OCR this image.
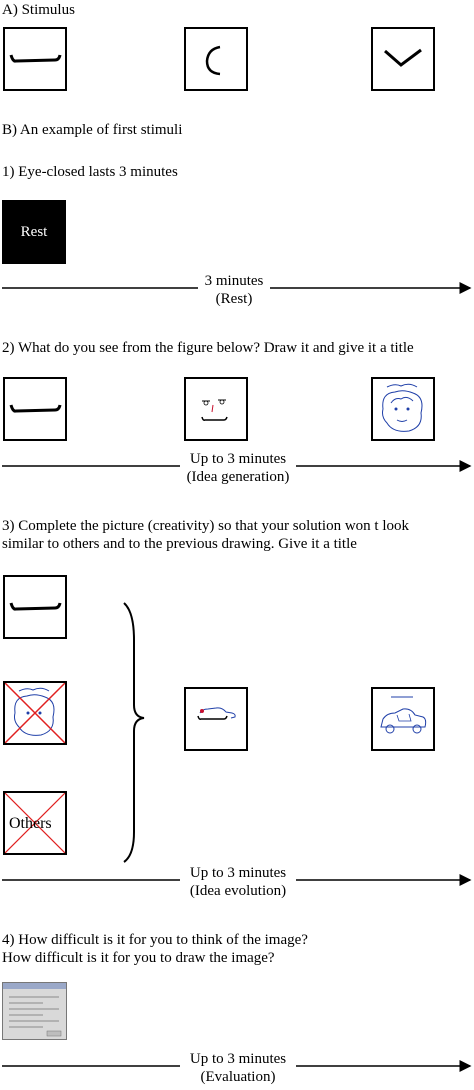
A) Stimulus
B) An example of first stimuli
1) Eye-closed lasts 3 minutes
Rest
3 minutes
(Rest)
2) What do you see from the figure below? Draw it and give it a title
Up to 3 minutes
(Idea generation)
3) Complete the picture (creativity) so that your solution won t look
similar to others and to the previous drawing. Give it a title
Others
Up to 3 minutes
(Idea evolution)
4) How difficult is it for you to think of the image?
How difficult is it for you to draw the image?
Up to 3 minutes
(Evaluation)
